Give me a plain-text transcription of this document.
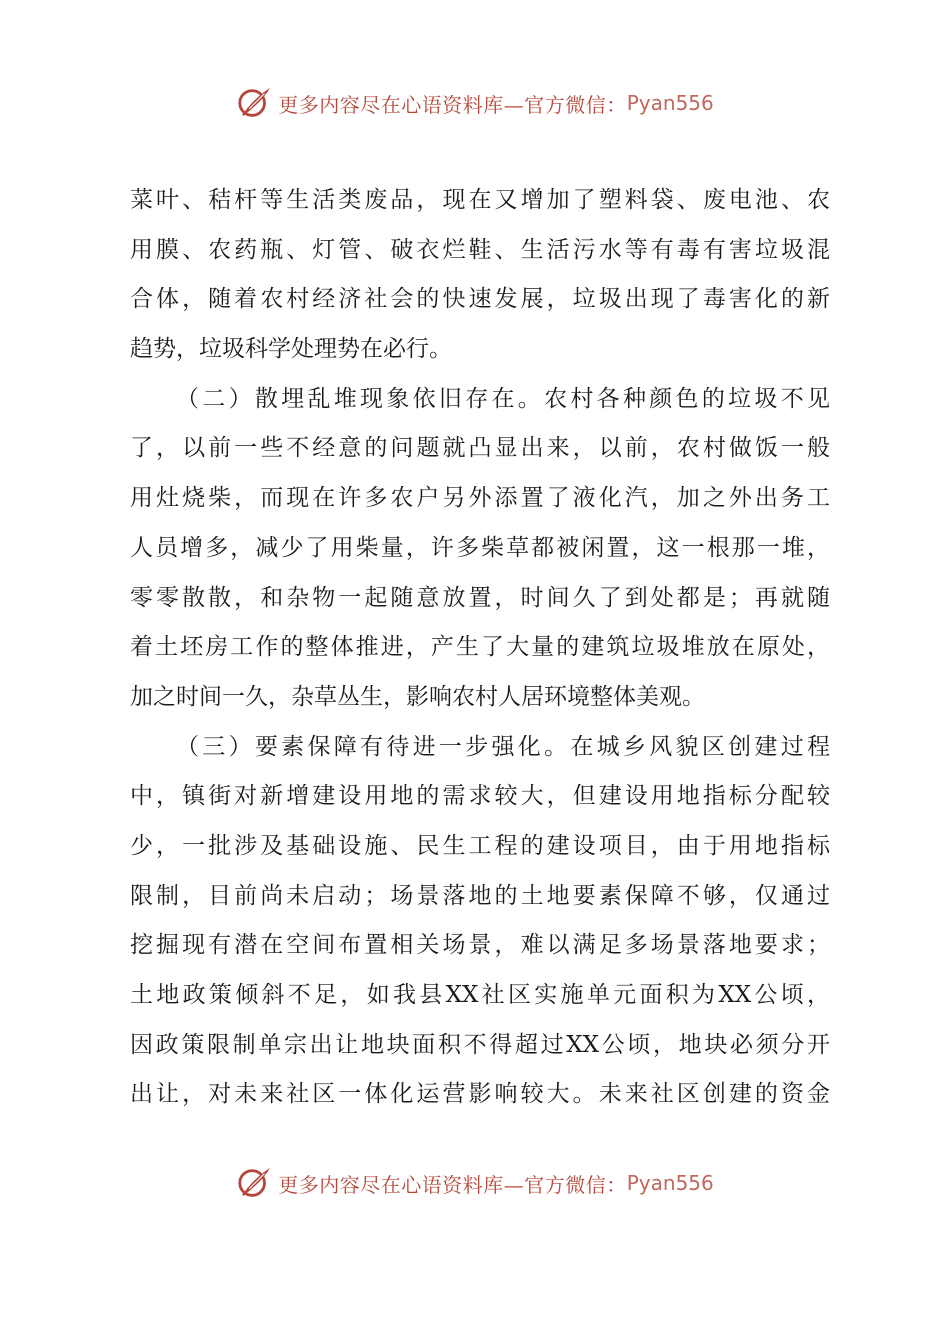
更多内容尽在心语资料库—官方微信： Pyan556
菜叶、秸杆等生活类废品，现在又增加了塑料袋、废电池、农
用膜、农药瓶、灯管、破衣烂鞋、生活污水等有毒有害垃圾混
合体，随着农村经济社会的快速发展，垃圾出现了毒害化的新
趋势，垃圾科学处理势在必行。
（二）散埋乱堆现象依旧存在。农村各种颜色的垃圾不见
了，以前一些不经意的问题就凸显出来，以前，农村做饭一般
用灶烧柴，而现在许多农户另外添置了液化汽，加之外出务工
人员增多，减少了用柴量，许多柴草都被闲置，这一根那一堆，
零零散散，和杂物一起随意放置，时间久了到处都是；再就随
着土坯房工作的整体推进，产生了大量的建筑垃圾堆放在原处，
加之时间一久，杂草丛生，影响农村人居环境整体美观。
（三）要素保障有待进一步强化。在城乡风貌区创建过程
中，镇街对新增建设用地的需求较大，但建设用地指标分配较
少，一批涉及基础设施、民生工程的建设项目，由于用地指标
限制，目前尚未启动；场景落地的土地要素保障不够，仅通过
挖掘现有潜在空间布置相关场景，难以满足多场景落地要求；
土地政策倾斜不足，如我县XX社区实施单元面积为XX公顷，
因政策限制单宗出让地块面积不得超过XX公顷，地块必须分开
出让，对未来社区一体化运营影响较大。未来社区创建的资金
更多内容尽在心语资料库—官方微信： Pyan556
